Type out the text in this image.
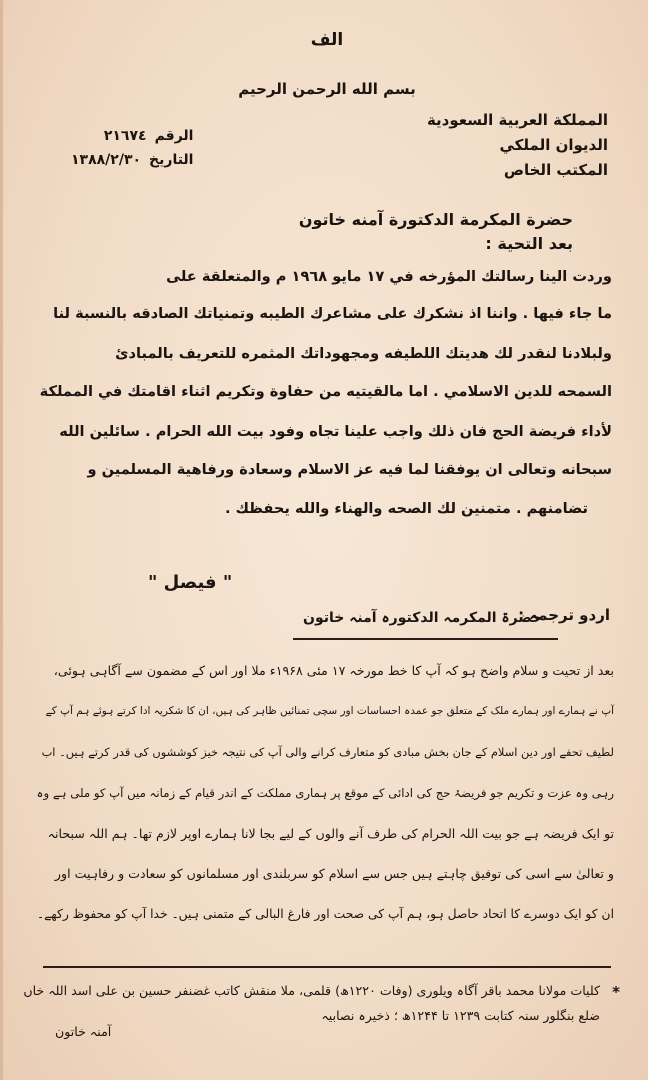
الف
بسم الله الرحمن الرحيم
المملكة العربية السعودية
الديوان الملكي
المكتب الخاص
٢١٦٧٤ الرقم
١٣٨٨/٢/٣٠ التاريخ
حضرة المكرمة الدكتورة آمنه خاتون
بعد التحية :
وردت الينا رسالتك المؤرخه في ١٧ مايو ١٩٦٨ م والمتعلقة على
ما جاء فيها . واننا اذ نشكرك على مشاعرك الطيبه وتمنياتك الصادقه بالنسبة لنا
ولبلادنا لنقدر لك هديتك اللطيفه ومجهوداتك المثمره للتعريف بالمبادئ
السمحه للدين الاسلامي . اما مالقيتيه من حفاوة وتكريم اثناء اقامتك في المملكة
لأداء فريضة الحج فان ذلك واجب علينا تجاه وفود بيت الله الحرام . سائلين الله
سبحانه وتعالى ان يوفقنا لما فيه عز الاسلام وسعادة ورفاهية المسلمين و
تضامنهم . متمنين لك الصحه والهناء والله يحفظك .
" فيصل "
اردو ترجمہ :
حضرۃ المکرمہ الدکتورہ آمنہ خاتون
بعد از تحیت و سلام واضح ہو کہ آپ کا خط مورخہ ۱۷ مئی ۱۹۶۸ء ملا اور اس کے مضمون سے آگاہی ہوئی،
آپ نے ہمارے اور ہمارے ملک کے متعلق جو عمدہ احساسات اور سچی تمنائیں ظاہر کی ہیں، ان کا شکریہ ادا کرتے ہوئے ہم آپ کے
لطیف تحفے اور دین اسلام کے جان بخش مبادی کو متعارف کرانے والی آپ کی نتیجہ خیز کوششوں کی قدر کرتے ہیں۔ اب
رہی وہ عزت و تکریم جو فریضۂ حج کی ادائی کے موقع پر ہماری مملکت کے اندر قیام کے زمانہ میں آپ کو ملی ہے وہ
تو ایک فریضہ ہے جو بیت اللہ الحرام کی طرف آنے والوں کے لیے بجا لانا ہمارے اوپر لازم تھا۔ ہم اللہ سبحانہ
و تعالیٰ سے اسی کی توفیق چاہتے ہیں جس سے اسلام کو سربلندی اور مسلمانوں کو سعادت و رفاہیت اور
ان کو ایک دوسرے کا اتحاد حاصل ہو، ہم آپ کی صحت اور فارغ البالی کے متمنی ہیں۔ خدا آپ کو محفوظ رکھے۔
*
کلیات مولانا محمد باقر آگاہ ویلوری (وفات ۱۲۲۰ھ) قلمی، ملا منقش کاتب غضنفر حسین بن علی اسد اللہ خاں
ضلع بنگلور سنہ کتابت ۱۲۳۹ تا ۱۲۴۴ھ ؛ ذخیرہ نصابیہ
آمنہ خاتون
